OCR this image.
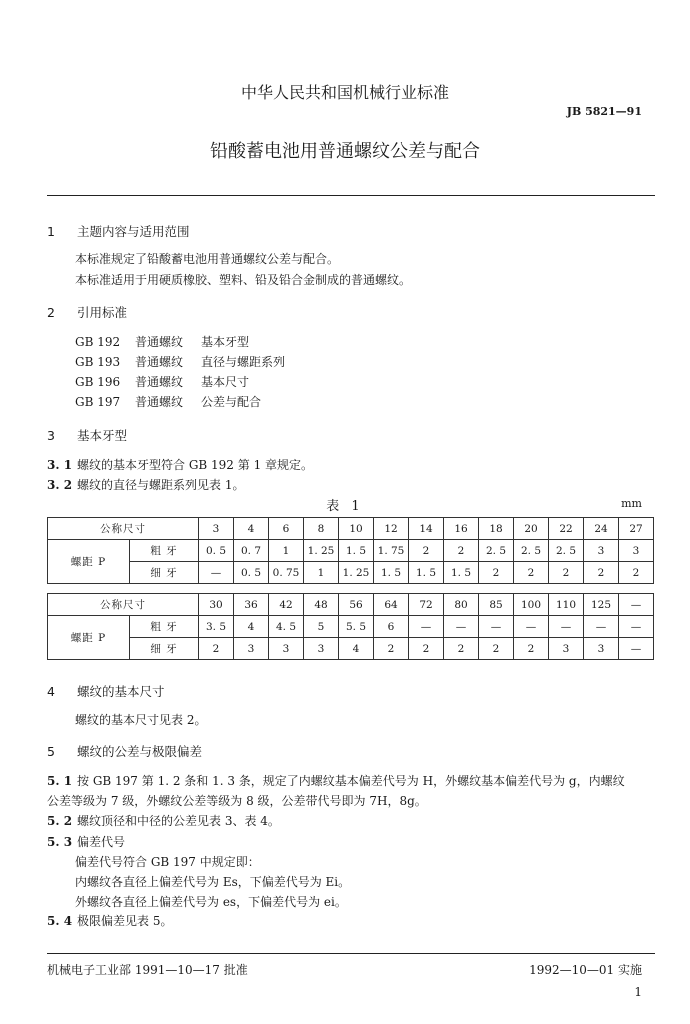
中华人民共和国机械行业标准
JB 5821—91
铅酸蓄电池用普通螺纹公差与配合
1 主题内容与适用范围
本标准规定了铅酸蓄电池用普通螺纹公差与配合。
本标准适用于用硬质橡胶、塑料、铅及铅合金制成的普通螺纹。
2 引用标准
GB 192 普通螺纹 基本牙型
GB 193 普通螺纹 直径与螺距系列
GB 196 普通螺纹 基本尺寸
GB 197 普通螺纹 公差与配合
3 基本牙型
3. 1 螺纹的基本牙型符合 GB 192 第 1 章规定。
3. 2 螺纹的直径与螺距系列见表 1。
表 1	mm
公称尺寸		3	4	6	8	10	12	14	16	18	20	22	24	27
螺距 P	粗 牙	0. 5	0. 7	1	1. 25	1. 5	1. 75	2	2	2. 5	2. 5	2. 5	3	3
	细 牙	—	0. 5	0. 75	1	1. 25	1. 5	1. 5	1. 5	2	2	2	2	2
公称尺寸		30	36	42	48	56	64	72	80	85	100	110	125	—
螺距 P	粗 牙	3. 5	4	4. 5	5	5. 5	6	—	—	—	—	—	—	—
	细 牙	2	3	3	3	4	2	2	2	2	2	3	3	—
4 螺纹的基本尺寸
螺纹的基本尺寸见表 2。
5 螺纹的公差与极限偏差
5. 1 按 GB 197 第 1. 2 条和 1. 3 条，规定了内螺纹基本偏差代号为 H，外螺纹基本偏差代号为 g，内螺纹
公差等级为 7 级，外螺纹公差等级为 8 级，公差带代号即为 7H，8g。
5. 2 螺纹顶径和中径的公差见表 3、表 4。
5. 3 偏差代号
偏差代号符合 GB 197 中规定即：
内螺纹各直径上偏差代号为 Es，下偏差代号为 Ei。
外螺纹各直径上偏差代号为 es，下偏差代号为 ei。
5. 4 极限偏差见表 5。
机械电子工业部 1991—10—17 批准	1992—10—01 实施
1
